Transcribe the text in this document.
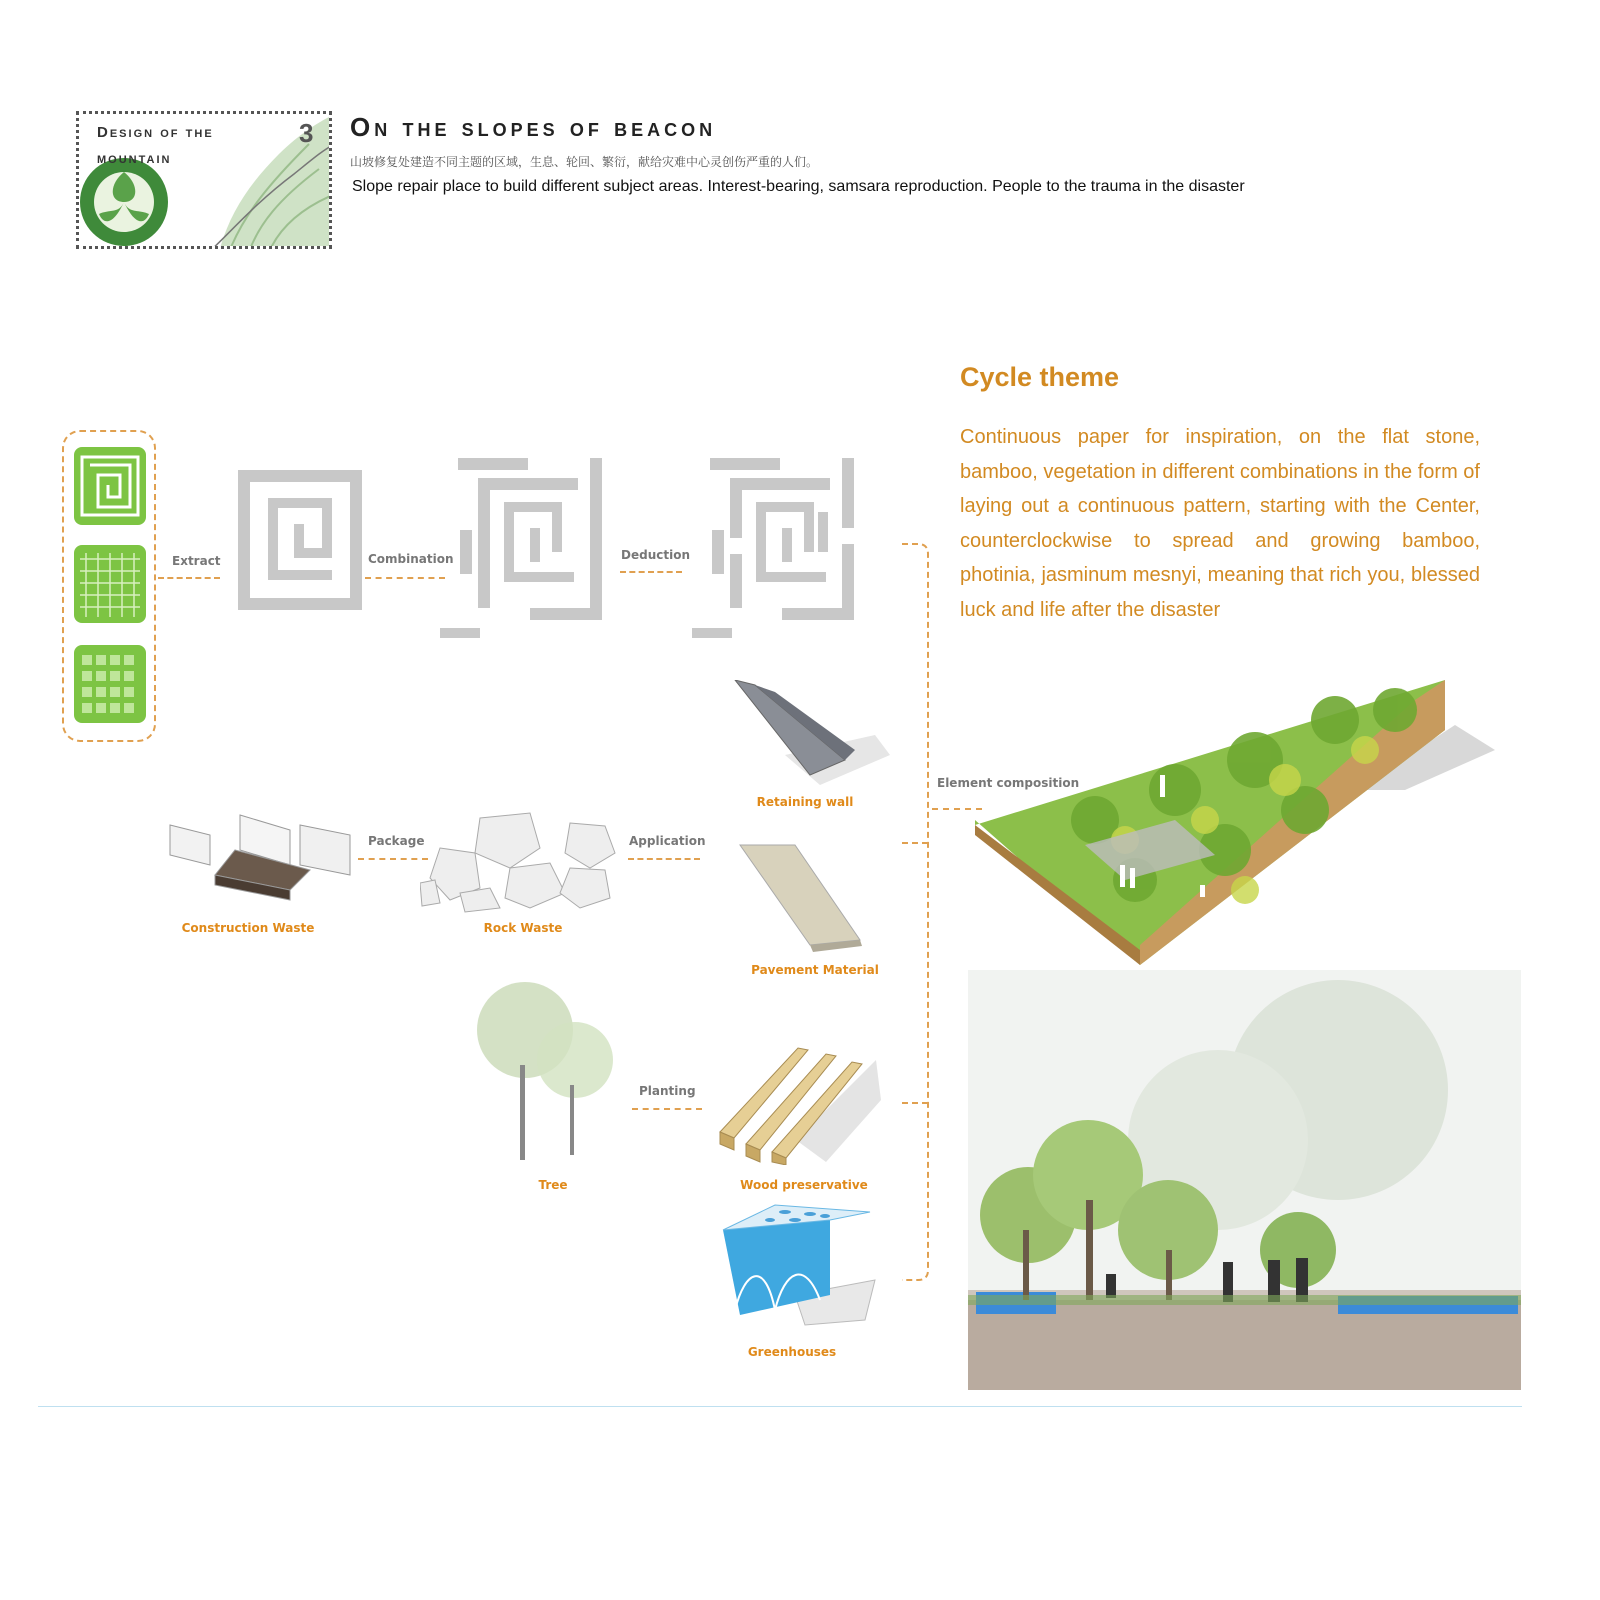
Design of the
mountain
3 On the slopes of beacon
山坡修复处建造不同主题的区域，生息、轮回、繁衍，献给灾难中心灵创伤严重的人们。
Slope repair place to build different subject areas. Interest-bearing, samsara reproduction. People to the trauma in the disaster
Cycle theme
Continuous paper for inspiration, on the flat stone, bamboo, vegetation in different combinations in the form of laying out a continuous pattern, starting with the Center, counterclockwise to spread and growing bamboo, photinia, jasminum mesnyi, meaning that rich you, blessed luck and life after the disaster
Extract	Combination	Deduction
Element composition
Construction Waste
Package
Rock Waste
Application
Retaining wall
Pavement Material
Tree
Planting
Wood preservative
Greenhouses
